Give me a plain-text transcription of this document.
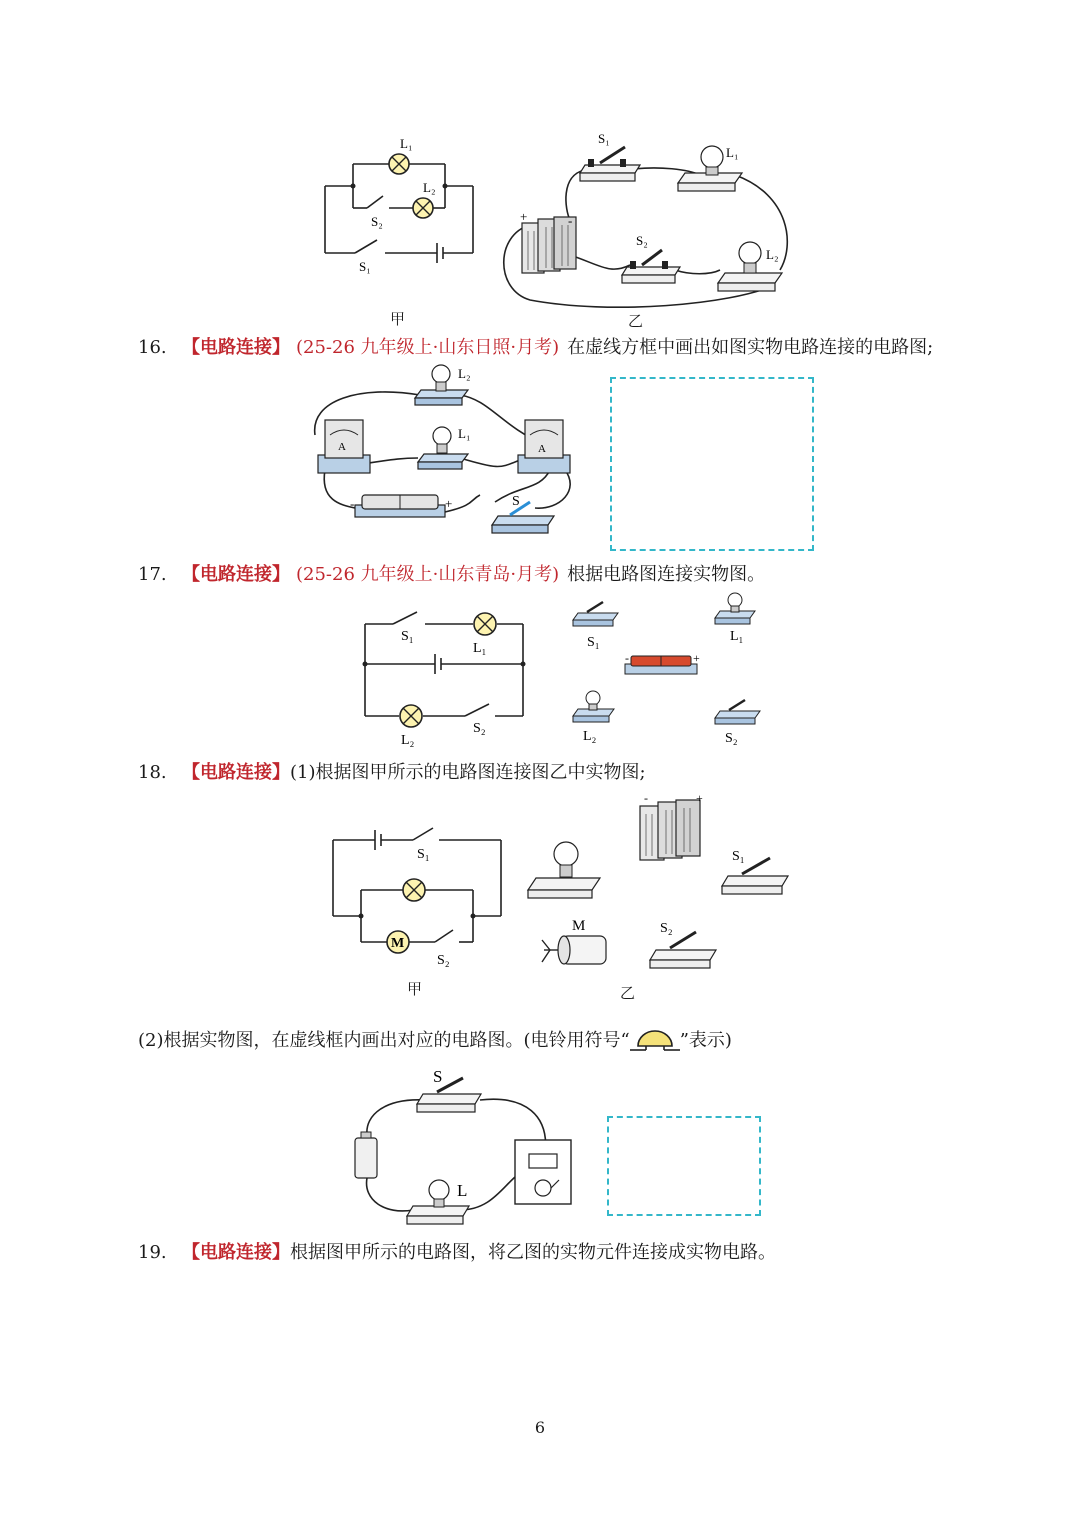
L₁
L₂
S₂
S₁
甲
S₁
L₁
+	-
S₂
L₂
乙
16. 【电路连接】 (25-26 九年级上·山东日照·月考) 在虚线方框中画出如图实物电路连接的电路图;
L₂
L₁
A	A
-	+	S
17. 【电路连接】 (25-26 九年级上·山东青岛·月考) 根据电路图连接实物图。
S₁
L₁
L₂
S₂
S₁	L₁
-	+
L₂	S₂
18. 【电路连接】(1)根据图甲所示的电路图连接图乙中实物图;
M
S₁
S₂
甲
-	+
S₁
M	S₂
乙
(2)根据实物图，在虚线框内画出对应的电路图。(电铃用符号“	”表示)
S
L
19. 【电路连接】根据图甲所示的电路图，将乙图的实物元件连接成实物电路。
6
